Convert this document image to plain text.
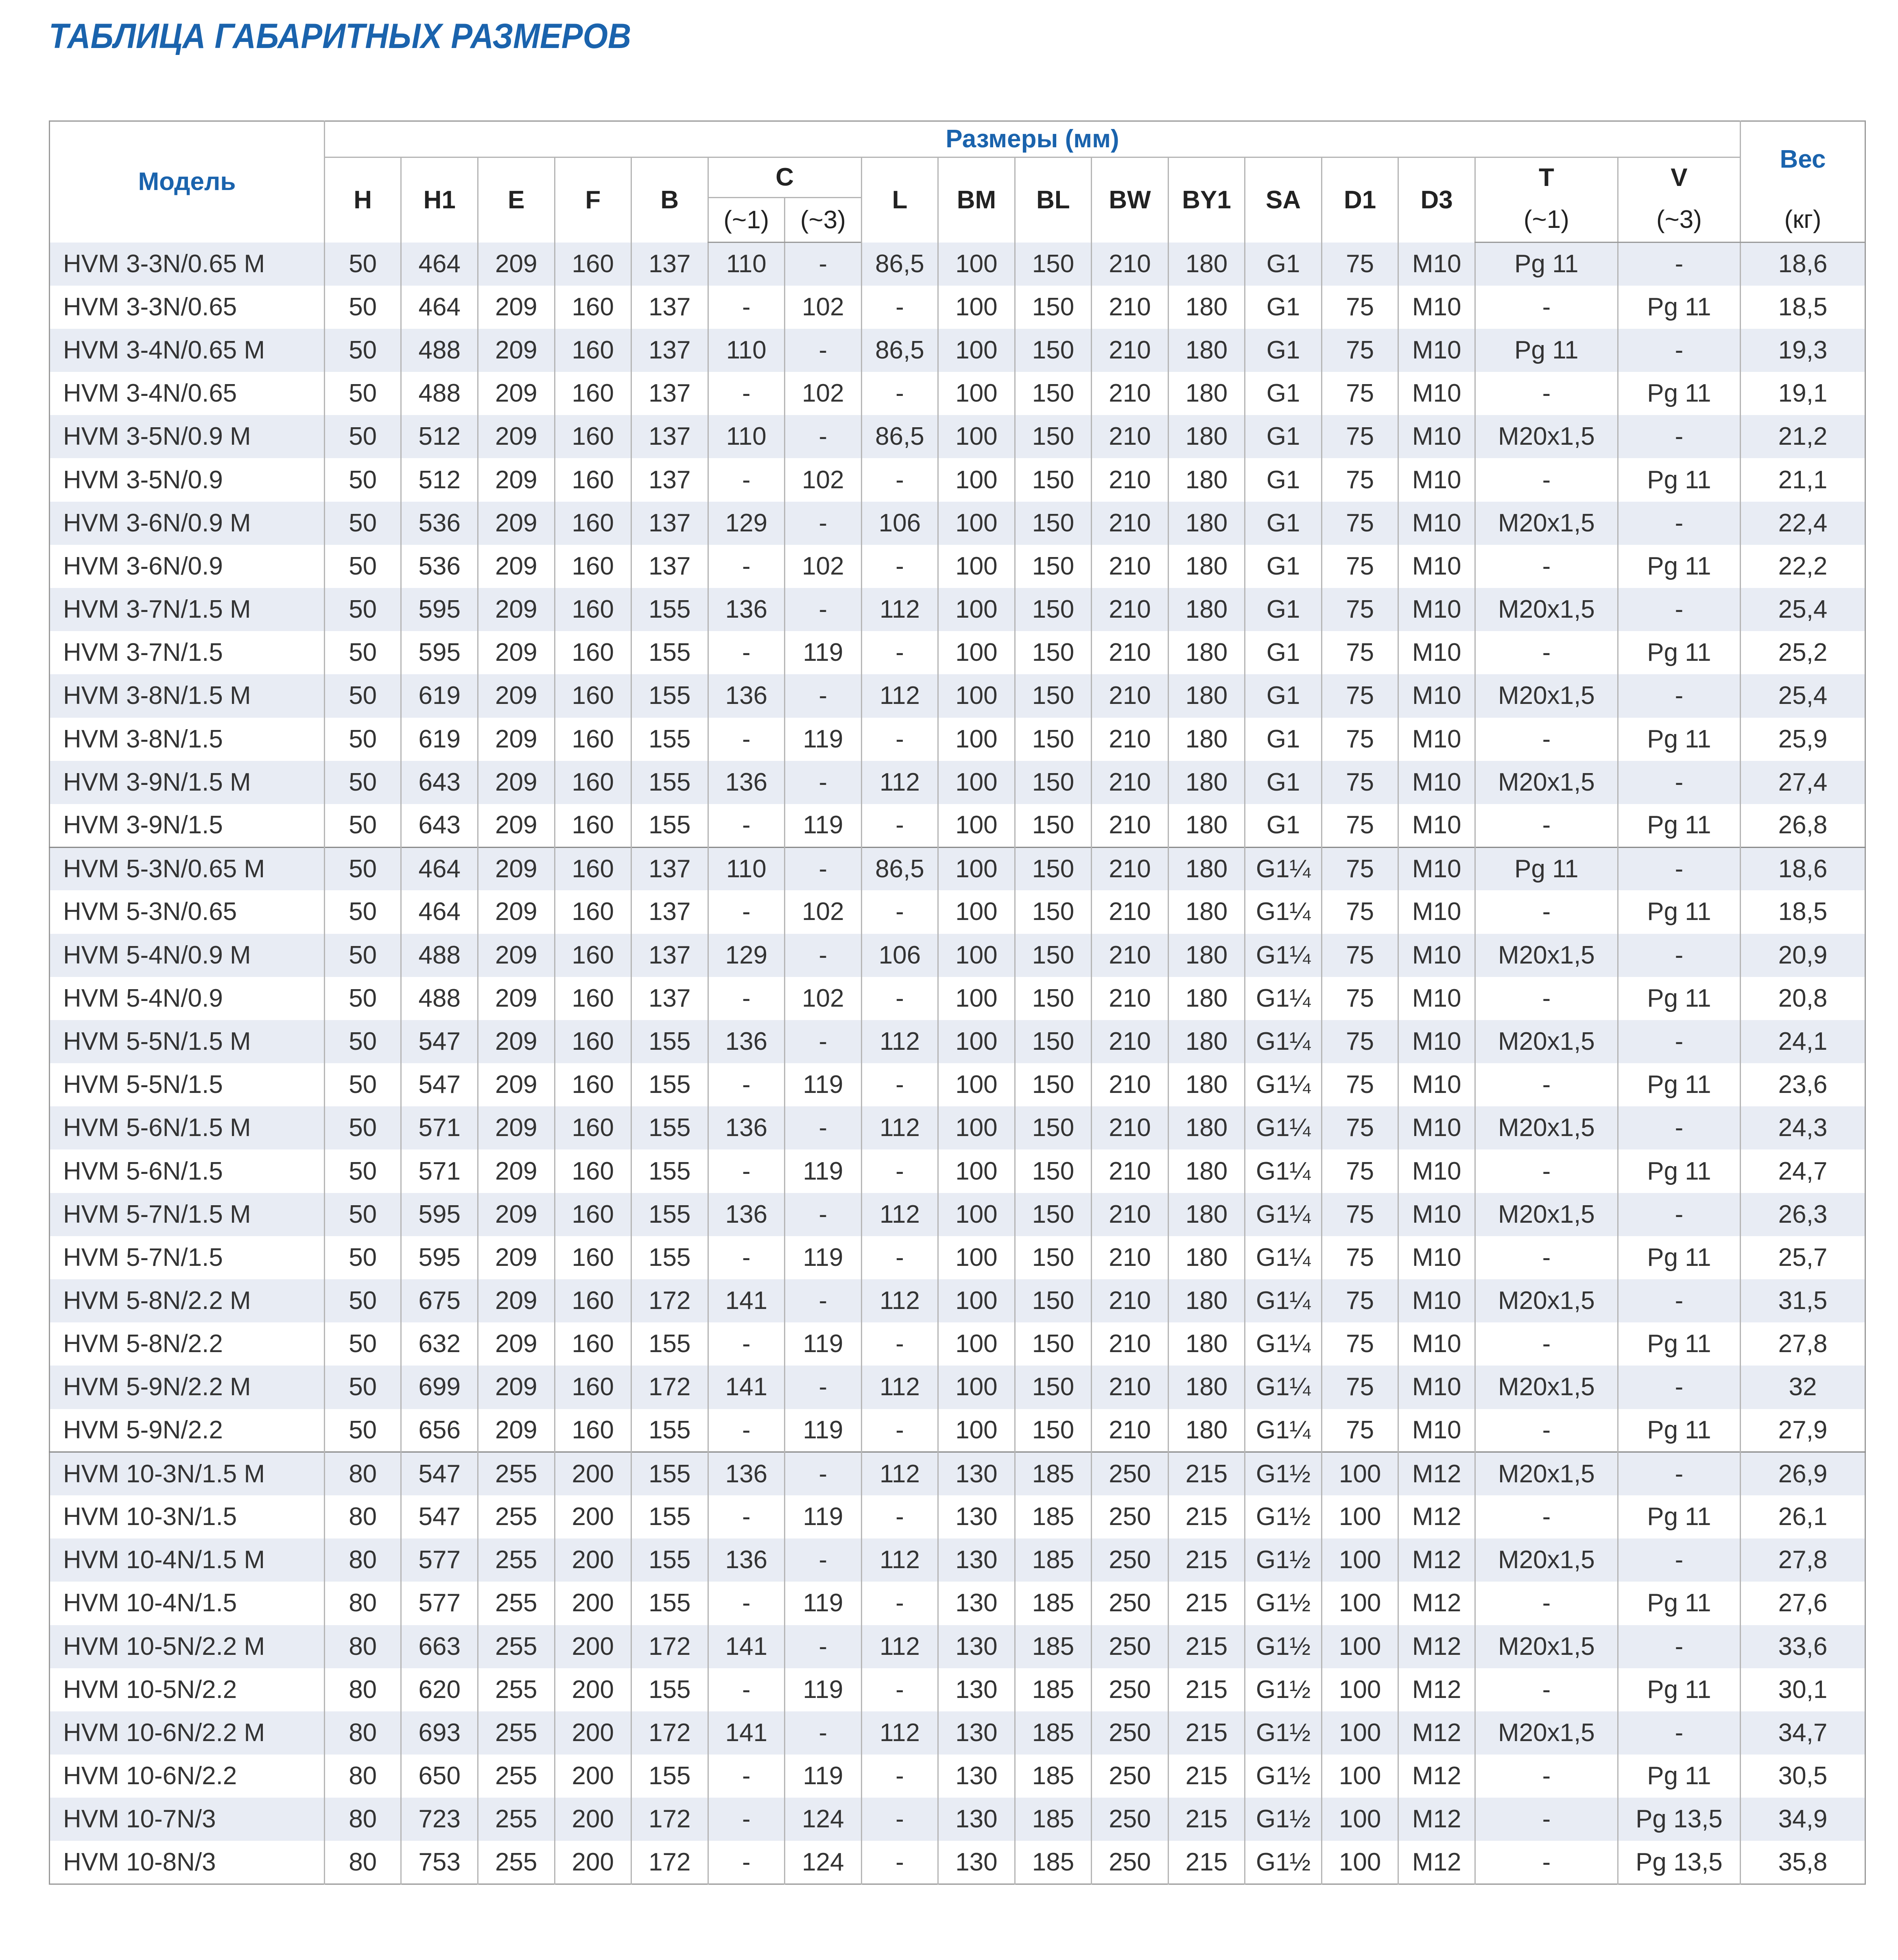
ТАБЛИЦА ГАБАРИТНЫХ РАЗМЕРОВ
Модель	Размеры (мм)																	Вес
	H	H1	E	F	B	C		L	BM	BL	BW	BY1	SA	D1	D3	T	V	
						(~1)	(~3)									(~1)	(~3)	(кг)
HVM 3-3N/0.65 M	50	464	209	160	137	110	-	86,5	100	150	210	180	G1	75	M10	Pg 11	-	18,6
HVM 3-3N/0.65	50	464	209	160	137	-	102	-	100	150	210	180	G1	75	M10	-	Pg 11	18,5
HVM 3-4N/0.65 M	50	488	209	160	137	110	-	86,5	100	150	210	180	G1	75	M10	Pg 11	-	19,3
HVM 3-4N/0.65	50	488	209	160	137	-	102	-	100	150	210	180	G1	75	M10	-	Pg 11	19,1
HVM 3-5N/0.9 M	50	512	209	160	137	110	-	86,5	100	150	210	180	G1	75	M10	M20x1,5	-	21,2
HVM 3-5N/0.9	50	512	209	160	137	-	102	-	100	150	210	180	G1	75	M10	-	Pg 11	21,1
HVM 3-6N/0.9 M	50	536	209	160	137	129	-	106	100	150	210	180	G1	75	M10	M20x1,5	-	22,4
HVM 3-6N/0.9	50	536	209	160	137	-	102	-	100	150	210	180	G1	75	M10	-	Pg 11	22,2
HVM 3-7N/1.5 M	50	595	209	160	155	136	-	112	100	150	210	180	G1	75	M10	M20x1,5	-	25,4
HVM 3-7N/1.5	50	595	209	160	155	-	119	-	100	150	210	180	G1	75	M10	-	Pg 11	25,2
HVM 3-8N/1.5 M	50	619	209	160	155	136	-	112	100	150	210	180	G1	75	M10	M20x1,5	-	25,4
HVM 3-8N/1.5	50	619	209	160	155	-	119	-	100	150	210	180	G1	75	M10	-	Pg 11	25,9
HVM 3-9N/1.5 M	50	643	209	160	155	136	-	112	100	150	210	180	G1	75	M10	M20x1,5	-	27,4
HVM 3-9N/1.5	50	643	209	160	155	-	119	-	100	150	210	180	G1	75	M10	-	Pg 11	26,8
HVM 5-3N/0.65 M	50	464	209	160	137	110	-	86,5	100	150	210	180	G1¼	75	M10	Pg 11	-	18,6
HVM 5-3N/0.65	50	464	209	160	137	-	102	-	100	150	210	180	G1¼	75	M10	-	Pg 11	18,5
HVM 5-4N/0.9 M	50	488	209	160	137	129	-	106	100	150	210	180	G1¼	75	M10	M20x1,5	-	20,9
HVM 5-4N/0.9	50	488	209	160	137	-	102	-	100	150	210	180	G1¼	75	M10	-	Pg 11	20,8
HVM 5-5N/1.5 M	50	547	209	160	155	136	-	112	100	150	210	180	G1¼	75	M10	M20x1,5	-	24,1
HVM 5-5N/1.5	50	547	209	160	155	-	119	-	100	150	210	180	G1¼	75	M10	-	Pg 11	23,6
HVM 5-6N/1.5 M	50	571	209	160	155	136	-	112	100	150	210	180	G1¼	75	M10	M20x1,5	-	24,3
HVM 5-6N/1.5	50	571	209	160	155	-	119	-	100	150	210	180	G1¼	75	M10	-	Pg 11	24,7
HVM 5-7N/1.5 M	50	595	209	160	155	136	-	112	100	150	210	180	G1¼	75	M10	M20x1,5	-	26,3
HVM 5-7N/1.5	50	595	209	160	155	-	119	-	100	150	210	180	G1¼	75	M10	-	Pg 11	25,7
HVM 5-8N/2.2 M	50	675	209	160	172	141	-	112	100	150	210	180	G1¼	75	M10	M20x1,5	-	31,5
HVM 5-8N/2.2	50	632	209	160	155	-	119	-	100	150	210	180	G1¼	75	M10	-	Pg 11	27,8
HVM 5-9N/2.2 M	50	699	209	160	172	141	-	112	100	150	210	180	G1¼	75	M10	M20x1,5	-	32
HVM 5-9N/2.2	50	656	209	160	155	-	119	-	100	150	210	180	G1¼	75	M10	-	Pg 11	27,9
HVM 10-3N/1.5 M	80	547	255	200	155	136	-	112	130	185	250	215	G1½	100	M12	M20x1,5	-	26,9
HVM 10-3N/1.5	80	547	255	200	155	-	119	-	130	185	250	215	G1½	100	M12	-	Pg 11	26,1
HVM 10-4N/1.5 M	80	577	255	200	155	136	-	112	130	185	250	215	G1½	100	M12	M20x1,5	-	27,8
HVM 10-4N/1.5	80	577	255	200	155	-	119	-	130	185	250	215	G1½	100	M12	-	Pg 11	27,6
HVM 10-5N/2.2 M	80	663	255	200	172	141	-	112	130	185	250	215	G1½	100	M12	M20x1,5	-	33,6
HVM 10-5N/2.2	80	620	255	200	155	-	119	-	130	185	250	215	G1½	100	M12	-	Pg 11	30,1
HVM 10-6N/2.2 M	80	693	255	200	172	141	-	112	130	185	250	215	G1½	100	M12	M20x1,5	-	34,7
HVM 10-6N/2.2	80	650	255	200	155	-	119	-	130	185	250	215	G1½	100	M12	-	Pg 11	30,5
HVM 10-7N/3	80	723	255	200	172	-	124	-	130	185	250	215	G1½	100	M12	-	Pg 13,5	34,9
HVM 10-8N/3	80	753	255	200	172	-	124	-	130	185	250	215	G1½	100	M12	-	Pg 13,5	35,8
